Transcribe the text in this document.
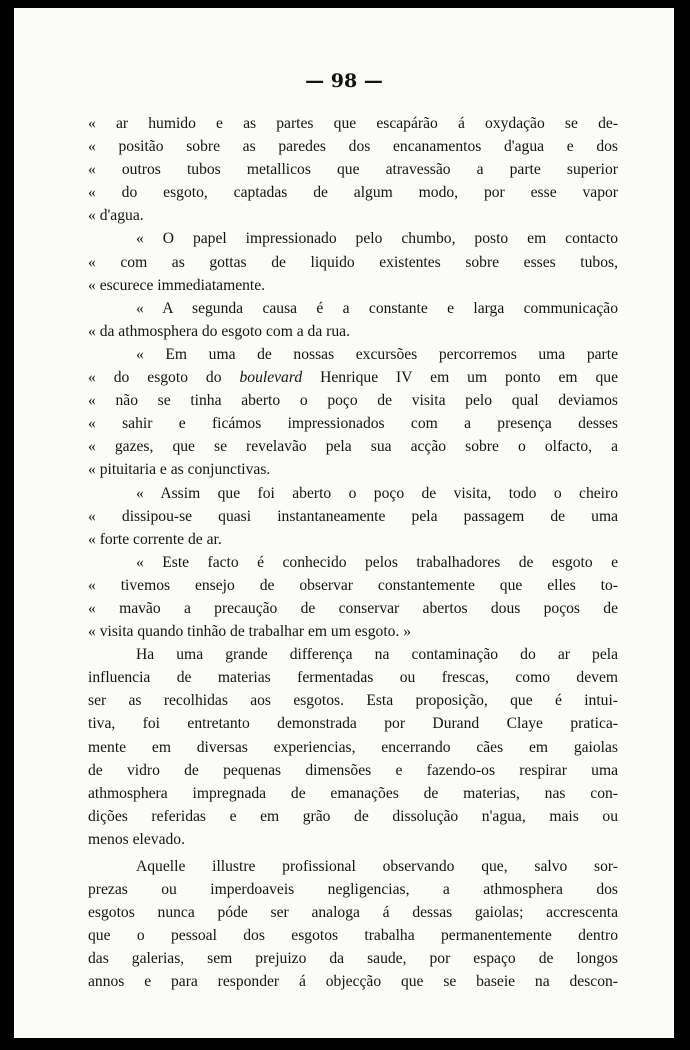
— 98 —
« ar humido e as partes que escapárão á oxydação se de-
« positão sobre as paredes dos encanamentos d'agua e dos
« outros tubos metallicos que atravessão a parte superior
« do esgoto, captadas de algum modo, por esse vapor
« d'agua.
« O papel impressionado pelo chumbo, posto em contacto
« com as gottas de liquido existentes sobre esses tubos,
« escurece immediatamente.
« A segunda causa é a constante e larga communicação
« da athmosphera do esgoto com a da rua.
« Em uma de nossas excursões percorremos uma parte
« do esgoto do boulevard Henrique IV em um ponto em que
« não se tinha aberto o poço de visita pelo qual deviamos
« sahir e ficámos impressionados com a presença desses
« gazes, que se revelavão pela sua acção sobre o olfacto, a
« pituitaria e as conjunctivas.
« Assim que foi aberto o poço de visita, todo o cheiro
« dissipou-se quasi instantaneamente pela passagem de uma
« forte corrente de ar.
« Este facto é conhecido pelos trabalhadores de esgoto e
« tivemos ensejo de observar constantemente que elles to-
« mavão a precaução de conservar abertos dous poços de
« visita quando tinhão de trabalhar em um esgoto. »
Ha uma grande differença na contaminação do ar pela
influencia de materias fermentadas ou frescas, como devem
ser as recolhidas aos esgotos. Esta proposição, que é intui-
tiva, foi entretanto demonstrada por Durand Claye pratica-
mente em diversas experiencias, encerrando cães em gaiolas
de vidro de pequenas dimensões e fazendo-os respirar uma
athmosphera impregnada de emanações de materias, nas con-
dições referidas e em grão de dissolução n'agua, mais ou
menos elevado.
Aquelle illustre profissional observando que, salvo sor-
prezas ou imperdoaveis negligencias, a athmosphera dos
esgotos nunca póde ser analoga á dessas gaiolas; accrescenta
que o pessoal dos esgotos trabalha permanentemente dentro
das galerias, sem prejuizo da saude, por espaço de longos
annos e para responder á objecção que se baseie na descon-
